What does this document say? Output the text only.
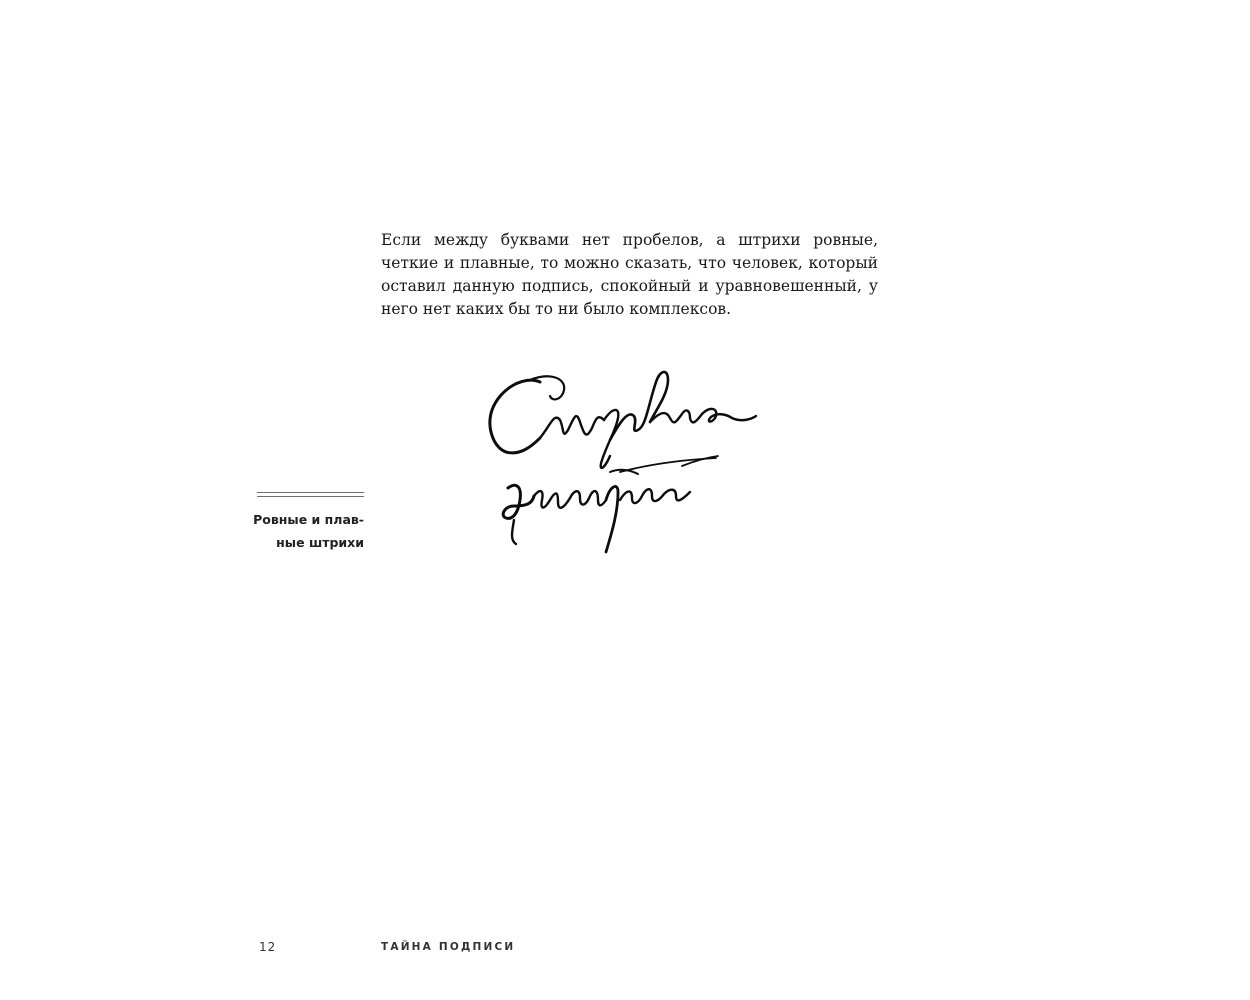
Если между буквами нет пробелов, а штрихи ровные, четкие и плавные, то можно сказать, что человек, который оставил данную подпись, спокойный и уравновешенный, у него нет каких бы то ни было комплексов.

Ровные и плавные штрихи

12	ТАЙНА ПОДПИСИ
